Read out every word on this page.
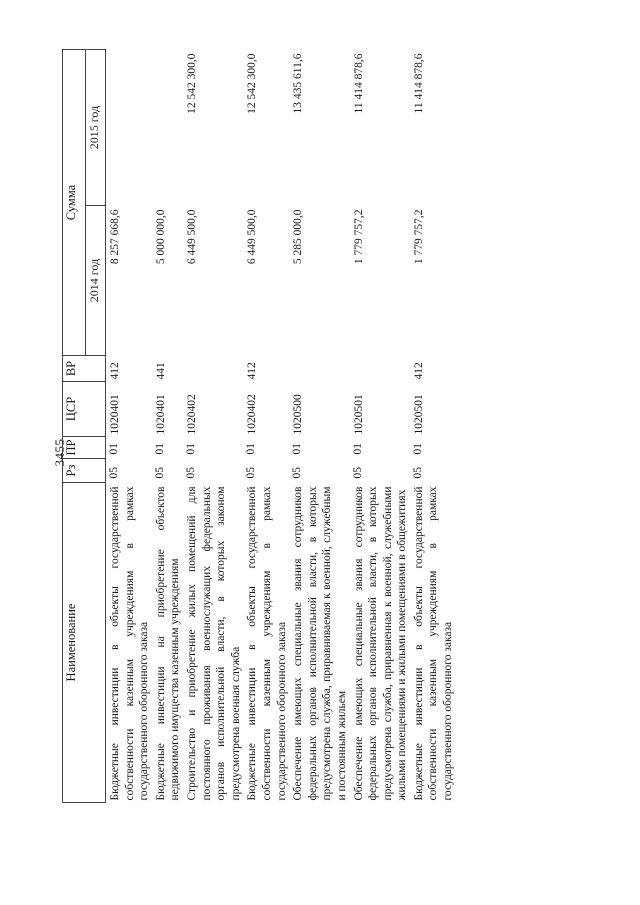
3455
Наименование	Рз	ПР	ЦСР	ВР	Сумма	
					2014 год	2015 год
Бюджетные инвестиции в объекты государственной собственности казенным учреждениям в рамках государственного оборонного заказа	05	01	1020401	412	8 257 668,6	
Бюджетные инвестиции на приобретение объектов недвижимого имущества казенным учреждениям	05	01	1020401	441	5 000 000,0	
Строительство и приобретение жилых помещений для постоянного проживания военнослужащих федеральных органов исполнительной власти, в которых законом предусмотрена военная служба	05	01	1020402		6 449 500,0	12 542 300,0
Бюджетные инвестиции в объекты государственной собственности казенным учреждениям в рамках государственного оборонного заказа	05	01	1020402	412	6 449 500,0	12 542 300,0
Обеспечение имеющих специальные звания сотрудников федеральных органов исполнительной власти, в которых предусмотрена служба, приравниваемая к военной, служебным и постоянным жильем	05	01	1020500		5 285 000,0	13 435 611,6
Обеспечение имеющих специальные звания сотрудников федеральных органов исполнительной власти, в которых предусмотрена служба, приравненная к военной, служебными жилыми помещениями и жилыми помещениями в общежитиях	05	01	1020501		1 779 757,2	11 414 878,6
Бюджетные инвестиции в объекты государственной собственности казенным учреждениям в рамках государственного оборонного заказа	05	01	1020501	412	1 779 757,2	11 414 878,6
